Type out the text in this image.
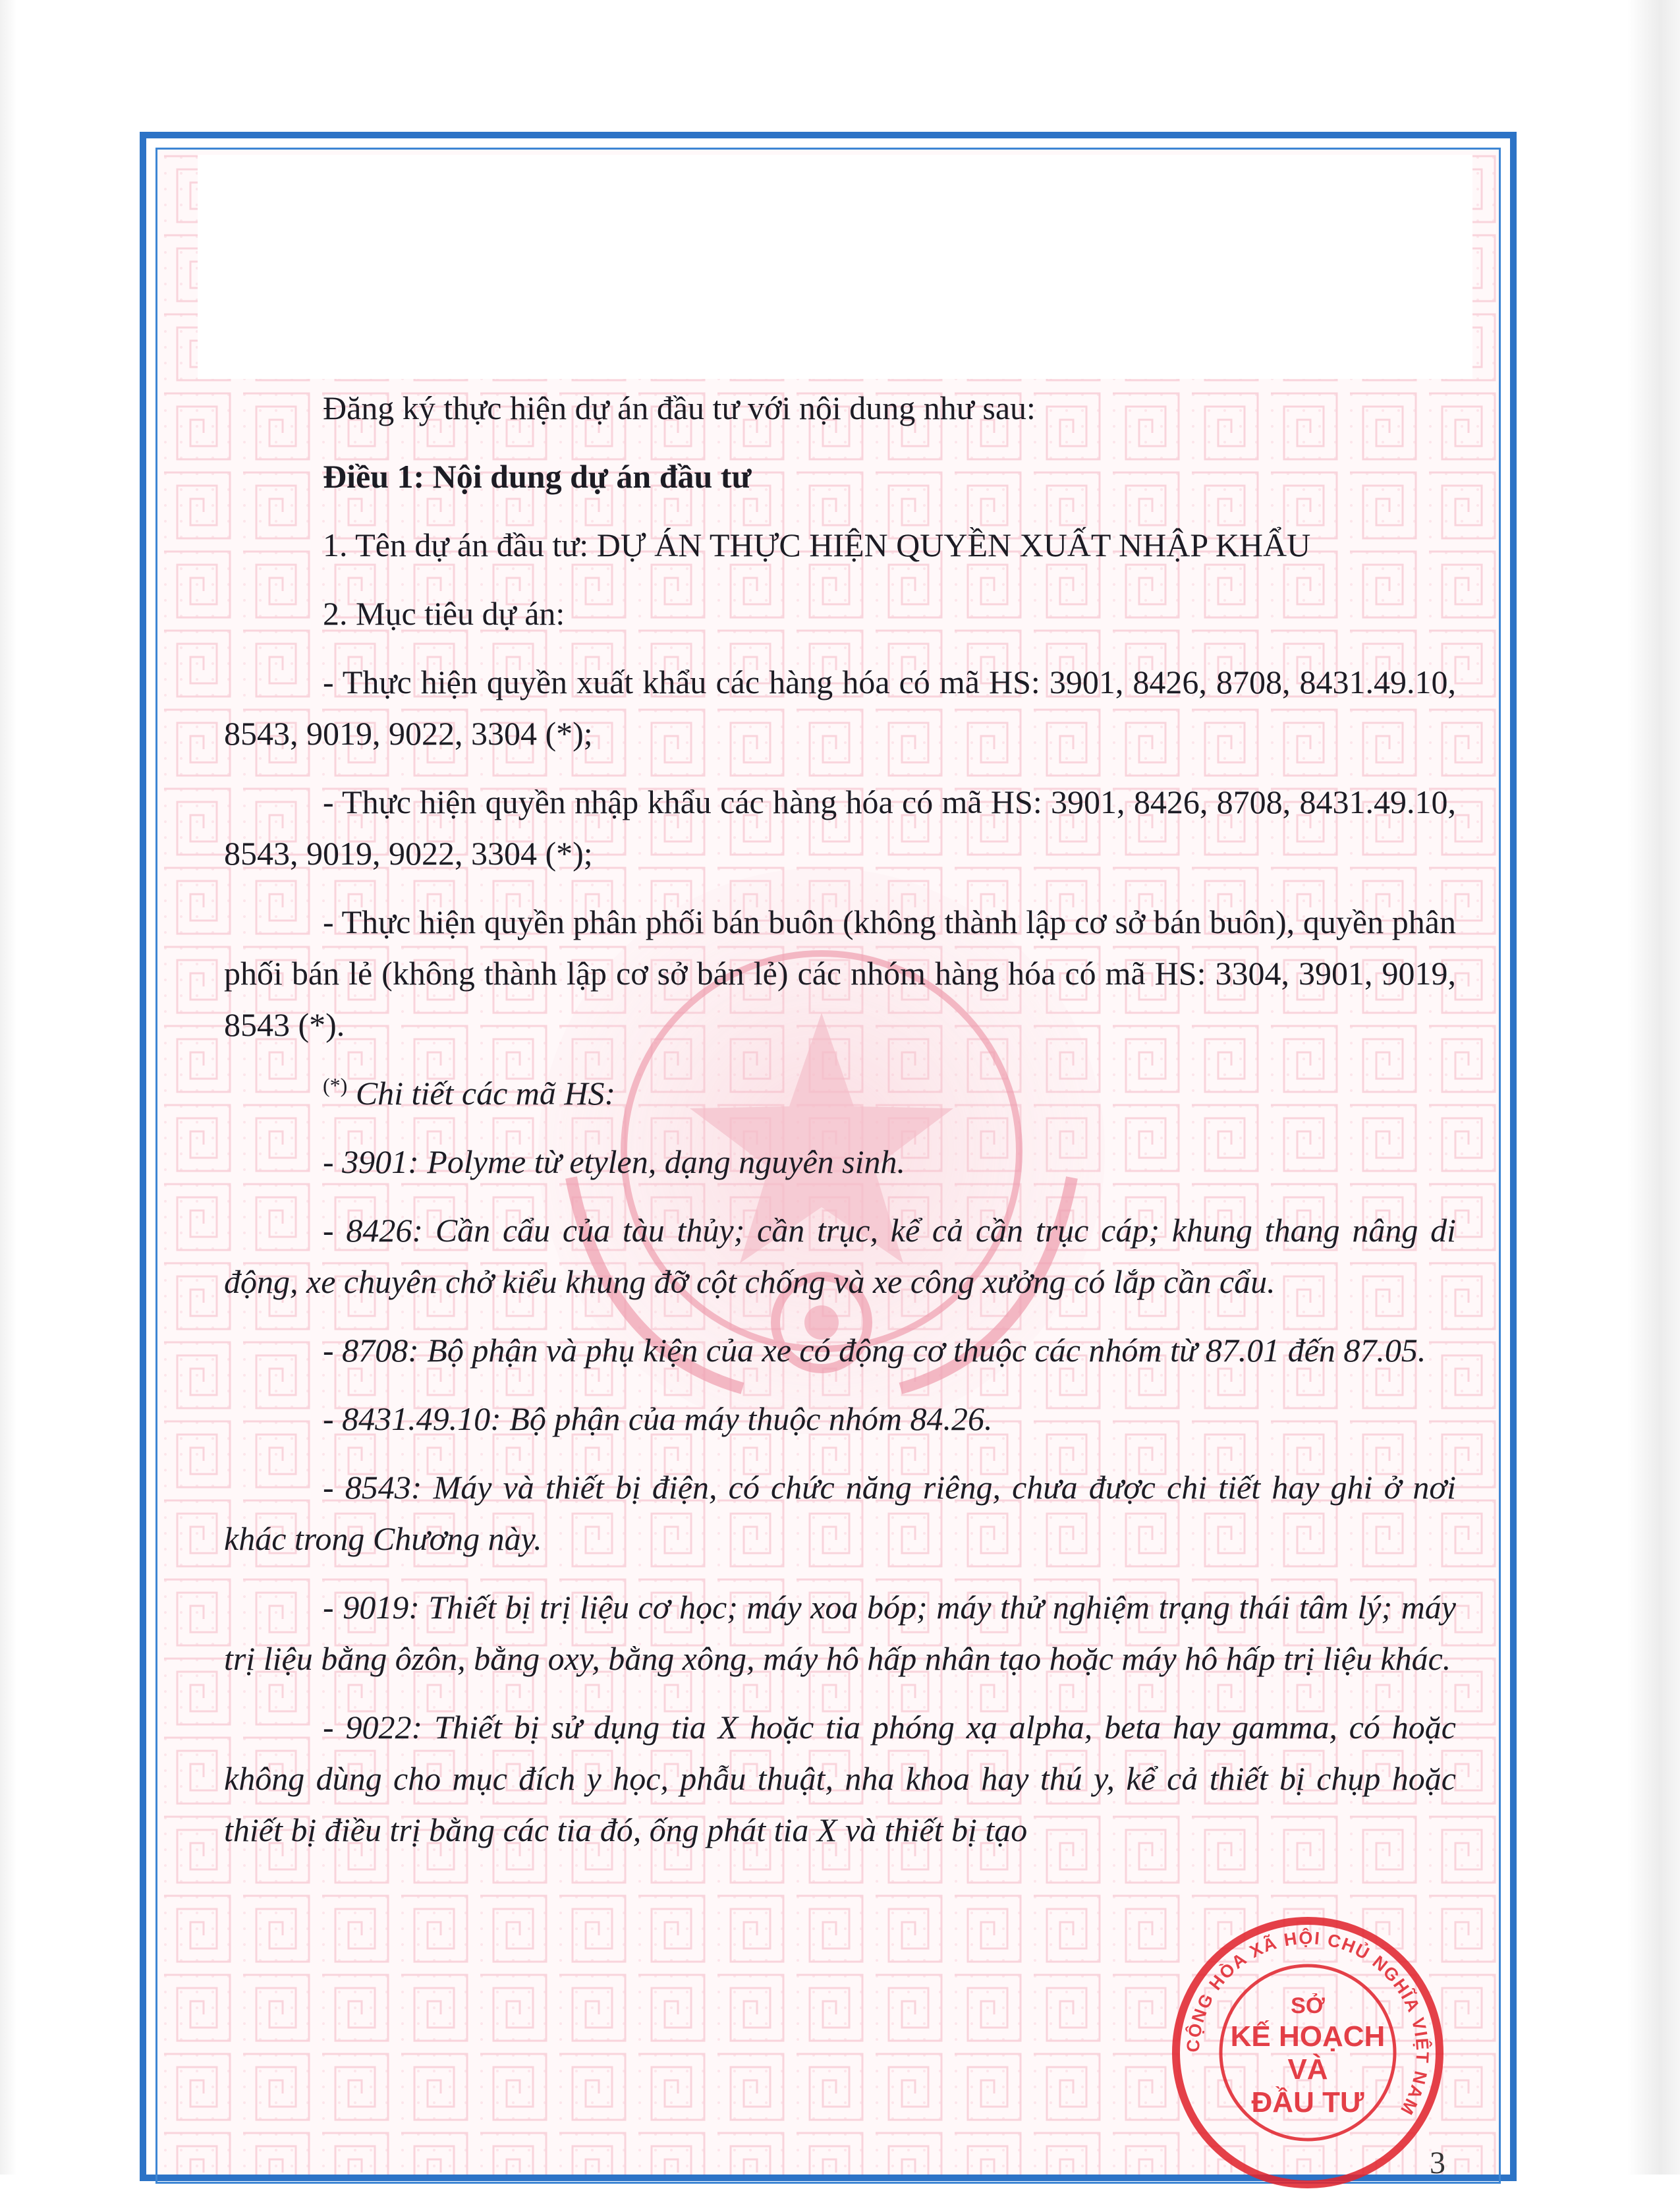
Đăng ký thực hiện dự án đầu tư với nội dung như sau:

Điều 1: Nội dung dự án đầu tư

1. Tên dự án đầu tư: DỰ ÁN THỰC HIỆN QUYỀN XUẤT NHẬP KHẨU

2. Mục tiêu dự án:

- Thực hiện quyền xuất khẩu các hàng hóa có mã HS: 3901, 8426, 8708, 8431.49.10, 8543, 9019, 9022, 3304 (*);

- Thực hiện quyền nhập khẩu các hàng hóa có mã HS: 3901, 8426, 8708, 8431.49.10, 8543, 9019, 9022, 3304 (*);

- Thực hiện quyền phân phối bán buôn (không thành lập cơ sở bán buôn), quyền phân phối bán lẻ (không thành lập cơ sở bán lẻ) các nhóm hàng hóa có mã HS: 3304, 3901, 9019, 8543 (*).

(*) Chi tiết các mã HS:

- 3901: Polyme từ etylen, dạng nguyên sinh.

- 8426: Cần cẩu của tàu thủy; cần trục, kể cả cần trục cáp; khung thang nâng di động, xe chuyên chở kiểu khung đỡ cột chống và xe công xưởng có lắp cần cẩu.

- 8708: Bộ phận và phụ kiện của xe có động cơ thuộc các nhóm từ 87.01 đến 87.05.

- 8431.49.10: Bộ phận của máy thuộc nhóm 84.26.

- 8543: Máy và thiết bị điện, có chức năng riêng, chưa được chi tiết hay ghi ở nơi khác trong Chương này.

- 9019: Thiết bị trị liệu cơ học; máy xoa bóp; máy thử nghiệm trạng thái tâm lý; máy trị liệu bằng ôzôn, bằng oxy, bằng xông, máy hô hấp nhân tạo hoặc máy hô hấp trị liệu khác.

- 9022: Thiết bị sử dụng tia X hoặc tia phóng xạ alpha, beta hay gamma, có hoặc không dùng cho mục đích y học, phẫu thuật, nha khoa hay thú y, kể cả thiết bị chụp hoặc thiết bị điều trị bằng các tia đó, ống phát tia X và thiết bị tạo

CỘNG HÒA XÃ HỘI CHỦ NGHĨA VIỆT NAM
SỞ
KẾ HOẠCH
VÀ
ĐẦU TƯ
3
